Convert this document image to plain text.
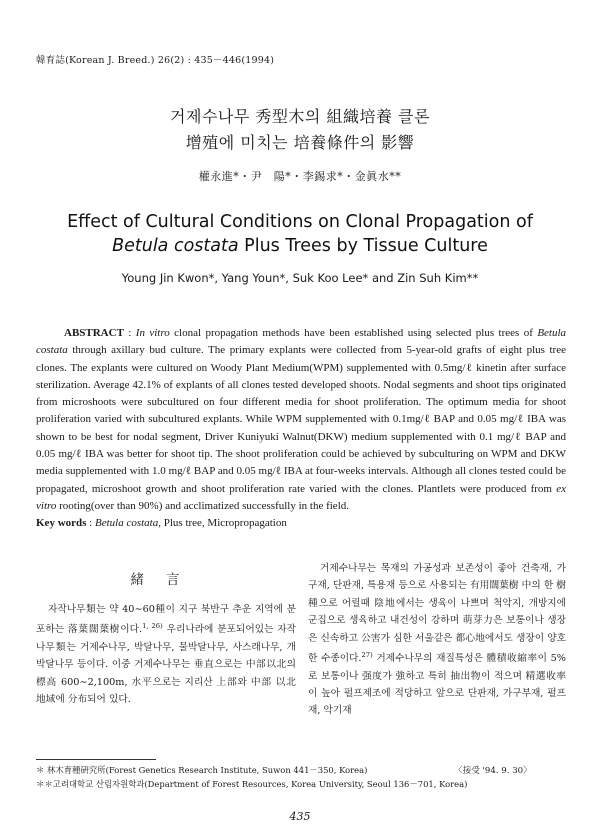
韓育誌(Korean J. Breed.) 26(2) : 435－446(1994)
거제수나무 秀型木의 組織培養 클론
增殖에 미치는 培養條件의 影響
權永進*・尹　陽*・李錫求*・金眞水**
Effect of Cultural Conditions on Clonal Propagation of
Betula costata Plus Trees by Tissue Culture
Young Jin Kwon*, Yang Youn*, Suk Koo Lee* and Zin Suh Kim**

ABSTRACT : In vitro clonal propagation methods have been established using selected plus trees of Betula costata through axillary bud culture. The primary explants were collected from 5-year-old grafts of eight plus tree clones. The explants were cultured on Woody Plant Medium(WPM) supplemented with 0.5mg/ℓ kinetin after surface sterilization. Average 42.1% of explants of all clones tested developed shoots. Nodal segments and shoot tips originated from microshoots were subcultured on four different media for shoot proliferation. The optimum media for shoot proliferation varied with subcultured explants. While WPM supplemented with 0.1mg/ℓ BAP and 0.05 mg/ℓ IBA was shown to be best for nodal segment, Driver Kuniyuki Walnut(DKW) medium supplemented with 0.1 mg/ℓ BAP and 0.05 mg/ℓ IBA was better for shoot tip. The shoot proliferation could be achieved by subculturing on WPM and DKW media supplemented with 1.0 mg/ℓ BAP and 0.05 mg/ℓ IBA at four-weeks intervals. Although all clones tested could be propagated, microshoot growth and shoot proliferation rate varied with the clones. Plantlets were produced from ex vitro rooting(over than 90%) and acclimatized successfully in the field.

Key words : Betula costata, Plus tree, Micropropagation
緒言

자작나무類는 약 40∼60種이 지구 북반구 추운 지역에 분포하는 落葉闊葉樹이다.$^{1, 26)}$ 우리나라에 분포되어있는 자작나무類는 거제수나무, 박달나무, 물박달나무, 사스래나무, 개박달나무 등이다. 이중 거제수나무는 垂直으로는 中部以北의 標高 600∼2,100m, 水平으로는 지리산 上部와 中部 以北 地域에 分布되어 있다.

거제수나무는 목재의 가공성과 보존성이 좋아 건축재, 가구재, 단판재, 특용재 등으로 사용되는 有用闊葉樹 中의 한 樹種으로 어릴때 陰地에서는 생육이 나쁘며 척악지, 개방지에 군집으로 생육하고 내건성이 강하며 萌芽力은 보통이나 생장은 신속하고 公害가 심한 서울같은 都心地에서도 생장이 양호한 수종이다.$^{27)}$ 거제수나무의 재질특성은 體積收縮率이 5%로 보통이나 强度가 強하고 특히 抽出物이 적으며 精選收率이 높아 펄프제조에 적당하고 앞으로 단판재, 가구부재, 펄프재, 악기재

＊ 林木育種硏究所(Forest Genetics Research Institute, Suwon 441－350, Korea)
＊＊고려대학교 산림자원학과(Department of Forest Resources, Korea University, Seoul 136－701, Korea)
〈接受 '94. 9. 30〉
435
